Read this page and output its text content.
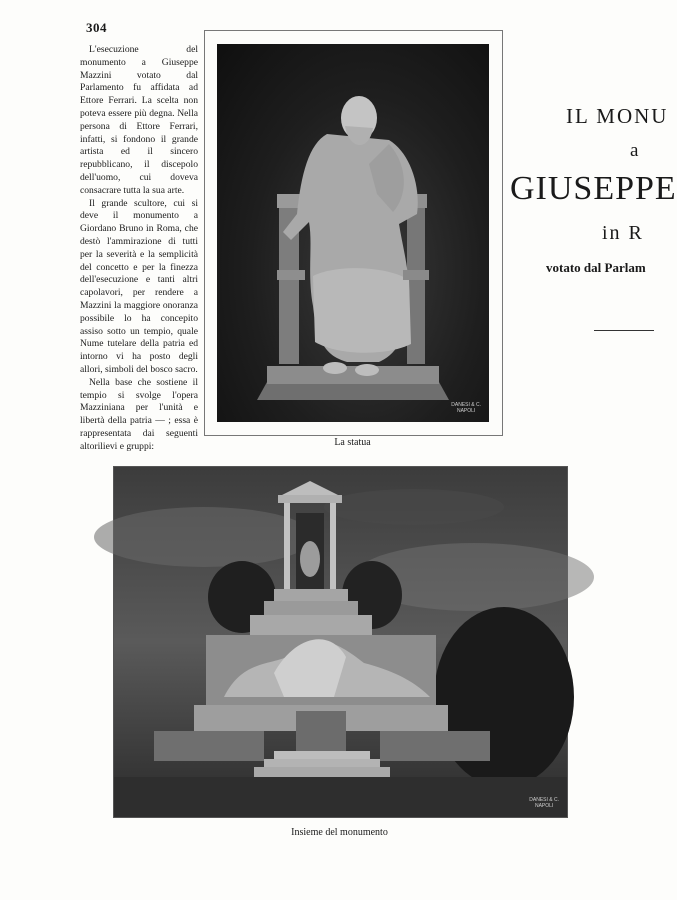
304

L'esecuzione del monumento a Giuseppe Mazzini votato dal Parlamento fu affidata ad Ettore Ferrari. La scelta non poteva essere più degna. Nella persona di Ettore Ferrari, infatti, si fondono il grande artista ed il sincero repubblicano, il discepolo dell'uomo, cui doveva consacrare tutta la sua arte.

Il grande scultore, cui si deve il monumento a Giordano Bruno in Roma, che destò l'ammirazione di tutti per la severità e la semplicità del concetto e per la finezza dell'esecuzione e tanti altri capolavori, per rendere a Mazzini la maggiore onoranza possibile lo ha concepito assiso sotto un tempio, quale Nume tutelare della patria ed intorno vi ha posto degli allori, simboli del bosco sacro.

Nella base che sostiene il tempio si svolge l'opera Mazziniana per l'unità e libertà della patria — ; essa è rappresentata dai seguenti altorilievi e gruppi:

DANESI & C.
NAPOLI
La statua
IL MONU
a
GIUSEPPE
in R
votato dal Parlam
DANESI & C.
NAPOLI
Insieme del monumento
